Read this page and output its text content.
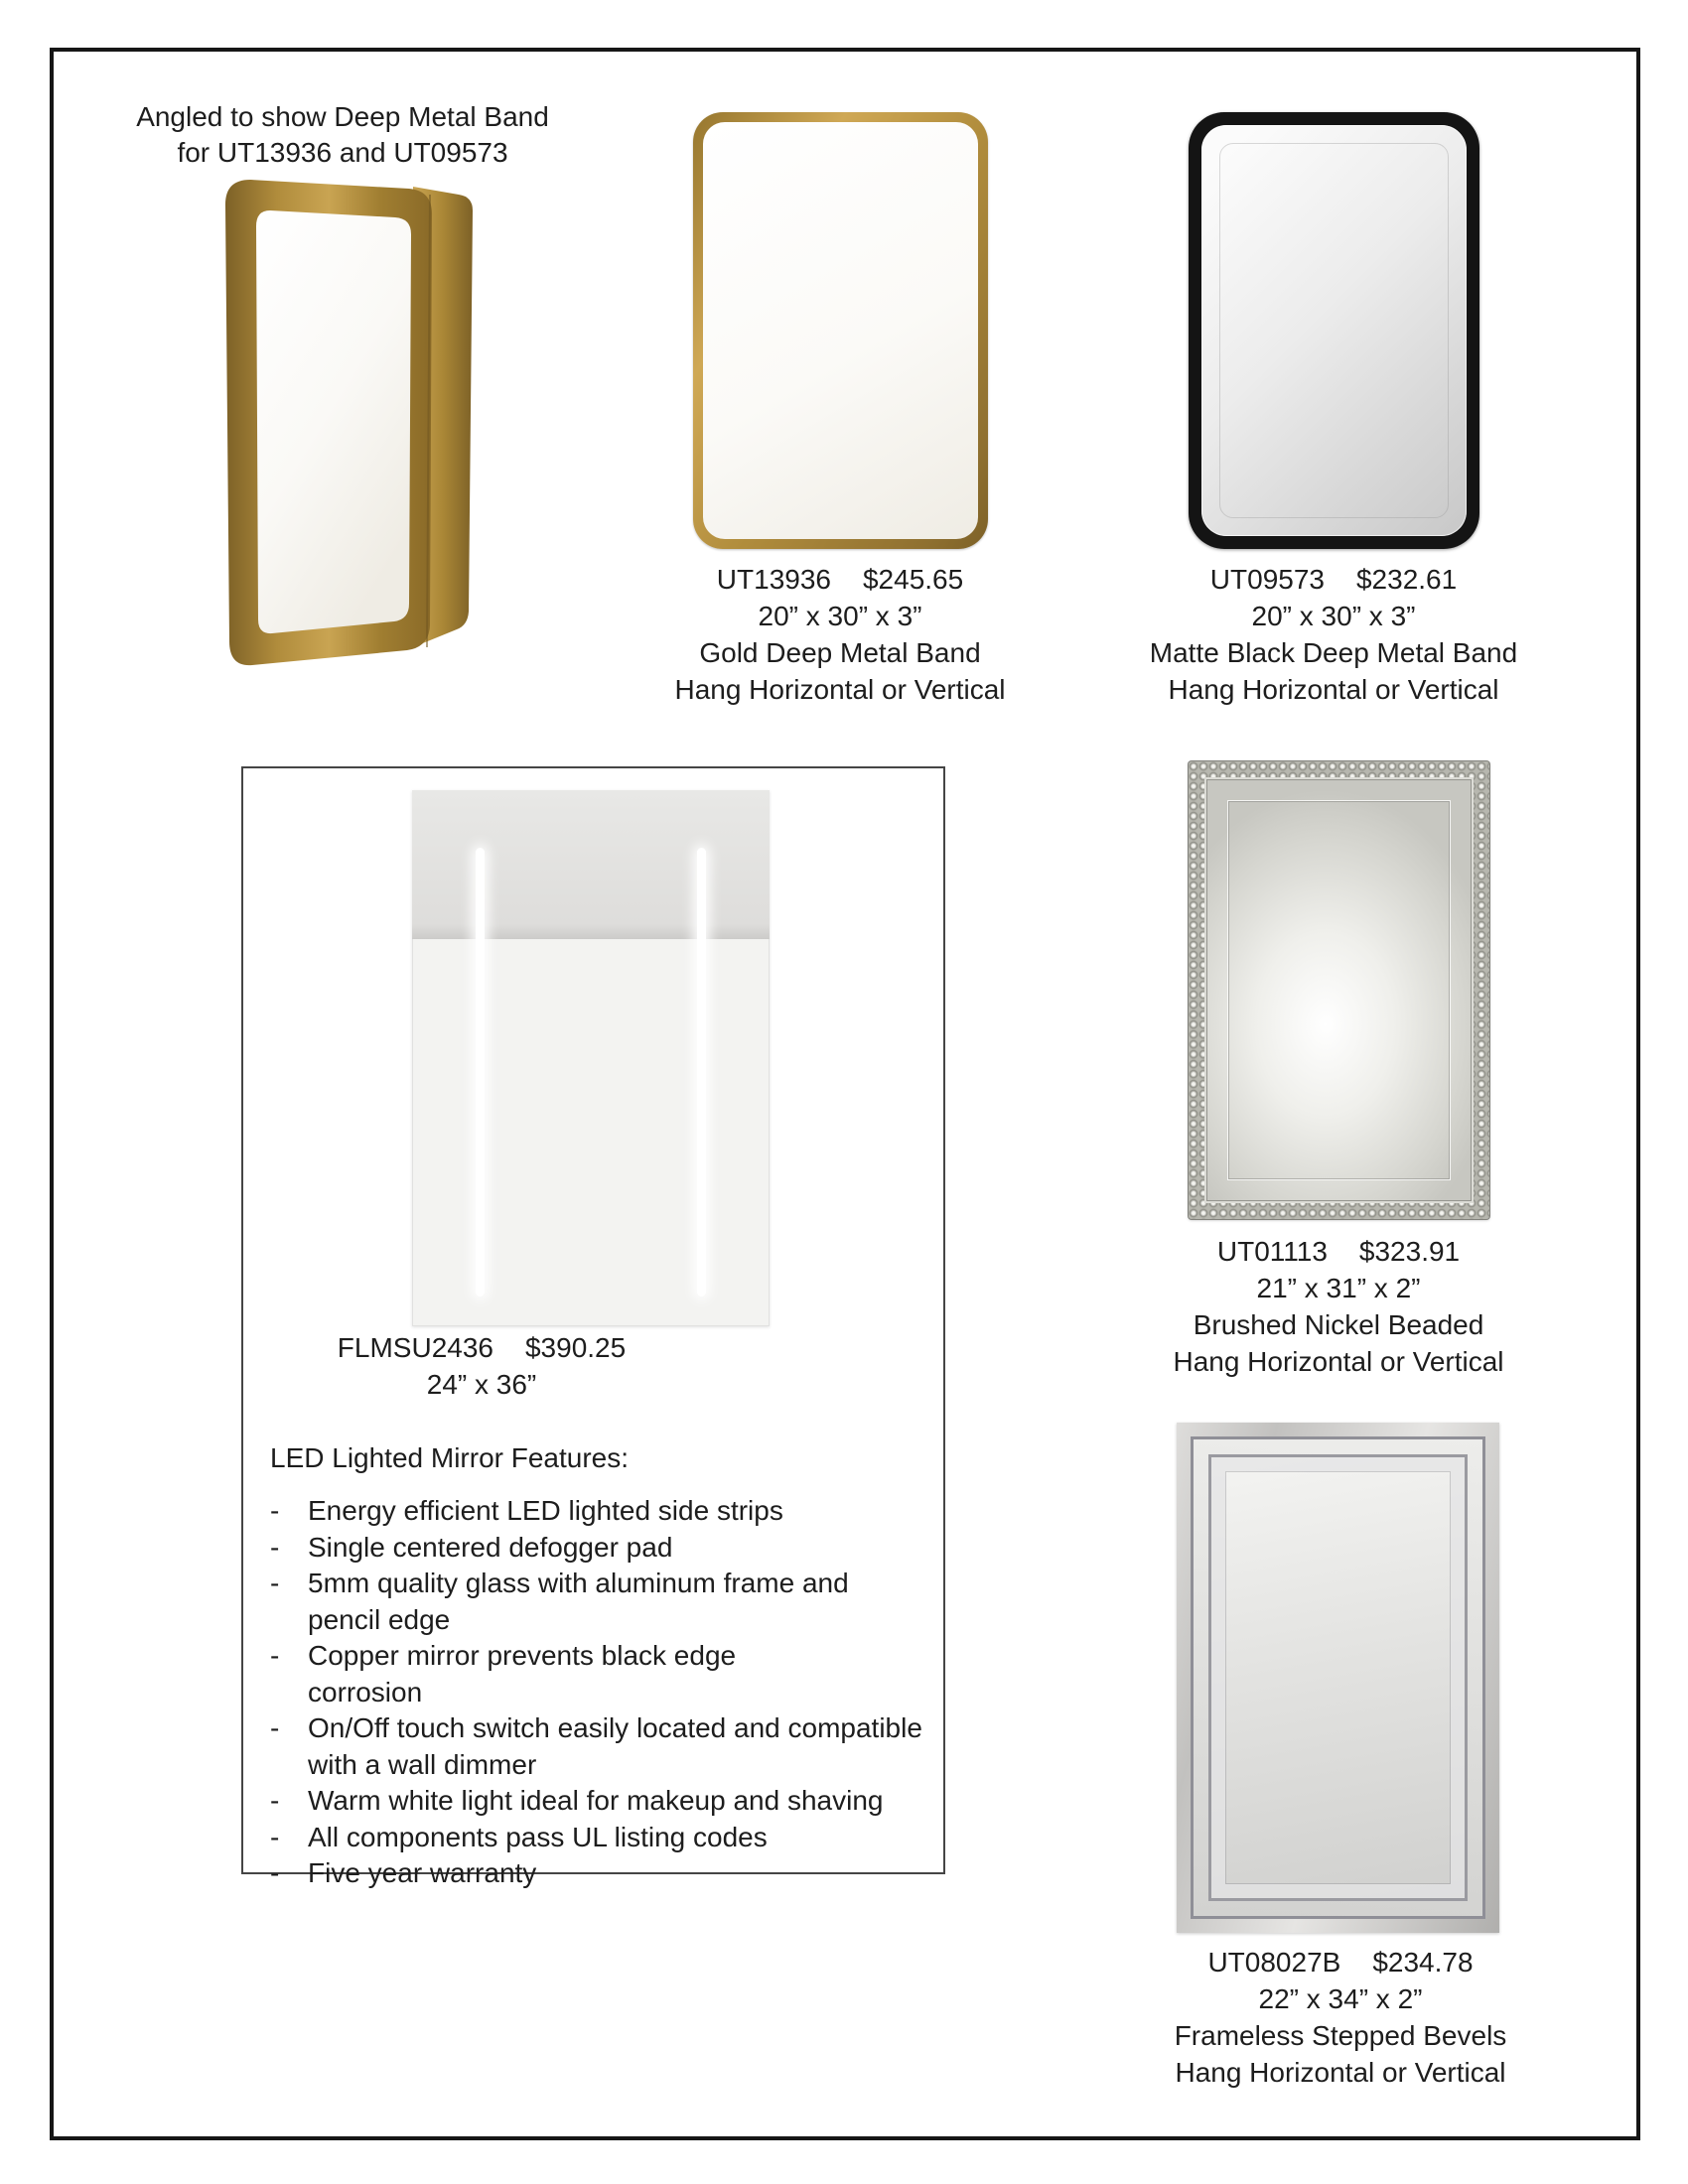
Angled to show Deep Metal Band
for UT13936 and UT09573
UT13936 $245.65
20” x 30” x 3”
Gold Deep Metal Band
Hang Horizontal or Vertical
UT09573 $232.61
20” x 30” x 3”
Matte Black Deep Metal Band
Hang Horizontal or Vertical
FLMSU2436 $390.25
24” x 36”
LED Lighted Mirror Features:
-	Energy efficient LED lighted side strips
-	Single centered defogger pad
-	5mm quality glass with aluminum frame and pencil edge
-	Copper mirror prevents black edge corrosion
-	On/Off touch switch easily located and compatible with a wall dimmer
-	Warm white light ideal for makeup and shaving
-	All components pass UL listing codes
-	Five year warranty
UT01113 $323.91
21” x 31” x 2”
Brushed Nickel Beaded
Hang Horizontal or Vertical
UT08027B $234.78
22” x 34” x 2”
Frameless Stepped Bevels
Hang Horizontal or Vertical
